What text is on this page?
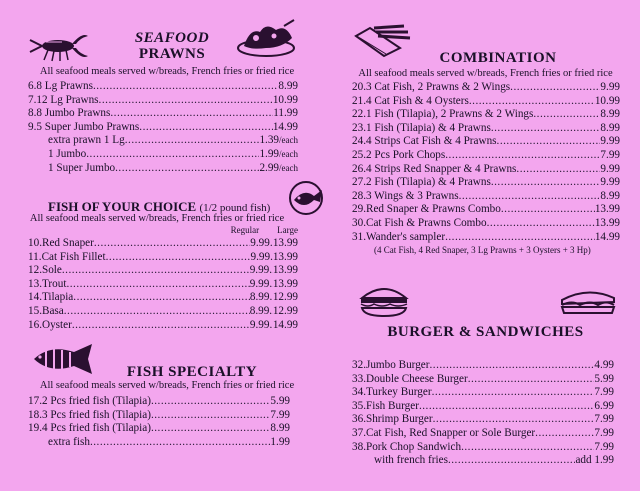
SEAFOOD
PRAWNS
All seafood meals served w/breads, French fries or fried rice
6. 8 Lg Prawns .....	8.99
7. 12 Lg Prawns .....	10.99
8. 8 Jumbo Prawns .....	11.99
9. 5 Super Jumbo Prawns .....	14.99
extra prawn 1 Lg .....	1.39 /each
1 Jumbo .....	1.99 /each
1 Super Jumbo .....	2.99 /each
FISH OF YOUR CHOICE (1/2 pound fish)
All seafood meals served w/breads, French fries or fried rice
Regular Large
10. Red Snaper .....	9.99 ........ 13.99
11. Cat Fish Fillet .....	9.99 ........ 13.99
12. Sole .....	9.99 ........ 13.99
13. Trout .....	9.99 ........ 13.99
14. Tilapia .....	8.99 ........ 12.99
15. Basa .....	8.99 ........ 12.99
16. Oyster .....	9.99 ........ 14.99
FISH SPECIALTY
All seafood meals served w/breads, French fries or fried rice
17. 2 Pcs fried fish (Tilapia) .....	5.99
18. 3 Pcs fried fish (Tilapia) .....	7.99
19. 4 Pcs fried fish (Tilapia) .....	8.99
extra fish .....	1.99
COMBINATION
All seafood meals served w/breads, French fries or fried rice
20. 3 Cat Fish, 2 Prawns & 2 Wings .....	9.99
21. 4 Cat Fish & 4 Oysters .....	10.99
22. 1 Fish (Tilapia), 2 Prawns & 2 Wings .....	8.99
23. 1 Fish (Tilapia) & 4 Prawns .....	8.99
24. 4 Strips Cat Fish & 4 Prawns .....	9.99
25. 2 Pcs Pork Chops .....	7.99
26. 4 Strips Red Snapper & 4 Prawns .....	9.99
27. 2 Fish (Tilapia) & 4 Prawns .....	9.99
28. 3 Wings & 3 Prawns .....	8.99
29. Red Snaper & Prawns Combo .....	13.99
30. Cat Fish & Prawns Combo .....	13.99
31. Wander's sampler .....	14.99
(4 Cat Fish, 4 Red Snaper, 3 Lg Prawns + 3 Oysters + 3 Hp)
BURGER & SANDWICHES
32. Jumbo Burger .....	4.99
33. Double Cheese Burger .....	5.99
34. Turkey Burger .....	7.99
35. Fish Burger .....	6.99
36. Shrimp Burger .....	7.99
37. Cat Fish, Red Snapper or Sole Burger .....	7.99
38. Pork Chop Sandwich .....	7.99
with french fries .....	add 1.99
